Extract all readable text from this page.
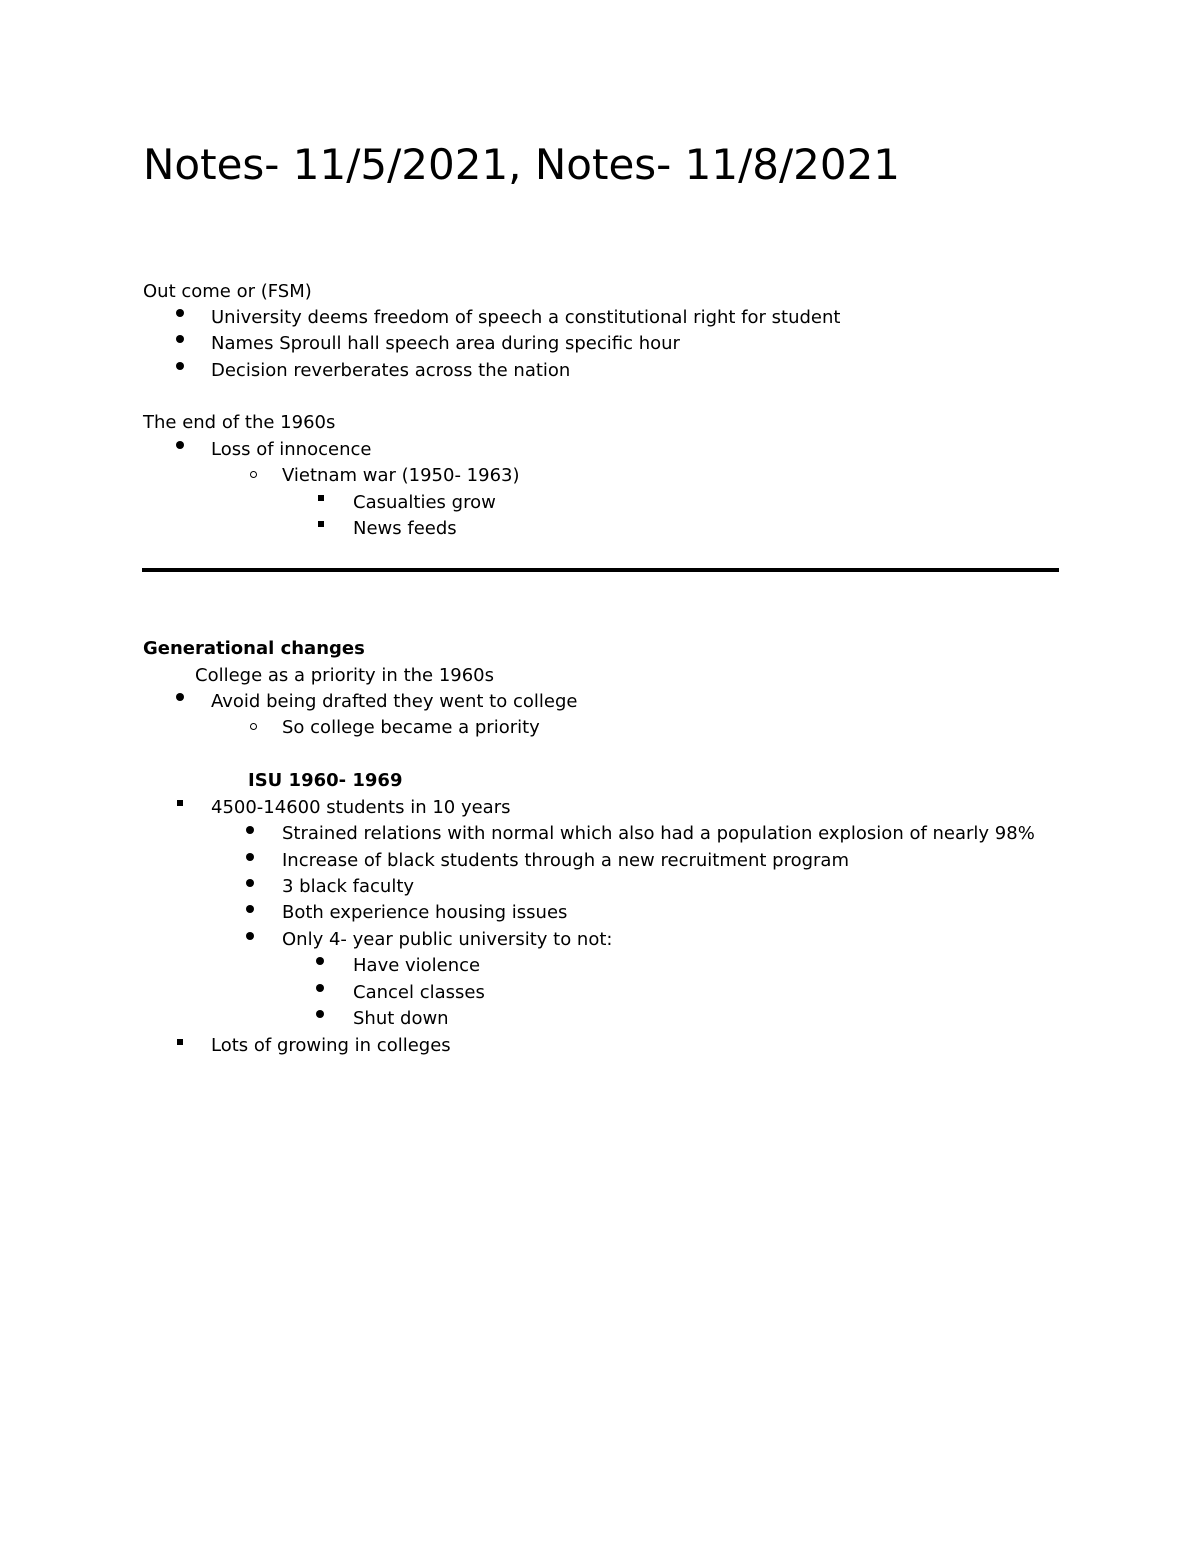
Notes- 11/5/2021, Notes- 11/8/2021
Out come or (FSM)
University deems freedom of speech a constitutional right for student
Names Sproull hall speech area during specific hour
Decision reverberates across the nation
The end of the 1960s
Loss of innocence
Vietnam war (1950- 1963)
Casualties grow
News feeds
Generational changes
College as a priority in the 1960s
Avoid being drafted they went to college
So college became a priority
ISU 1960- 1969
4500-14600 students in 10 years
Strained relations with normal which also had a population explosion of nearly 98%
Increase of black students through a new recruitment program
3 black faculty
Both experience housing issues
Only 4- year public university to not:
Have violence
Cancel classes
Shut down
Lots of growing in colleges
